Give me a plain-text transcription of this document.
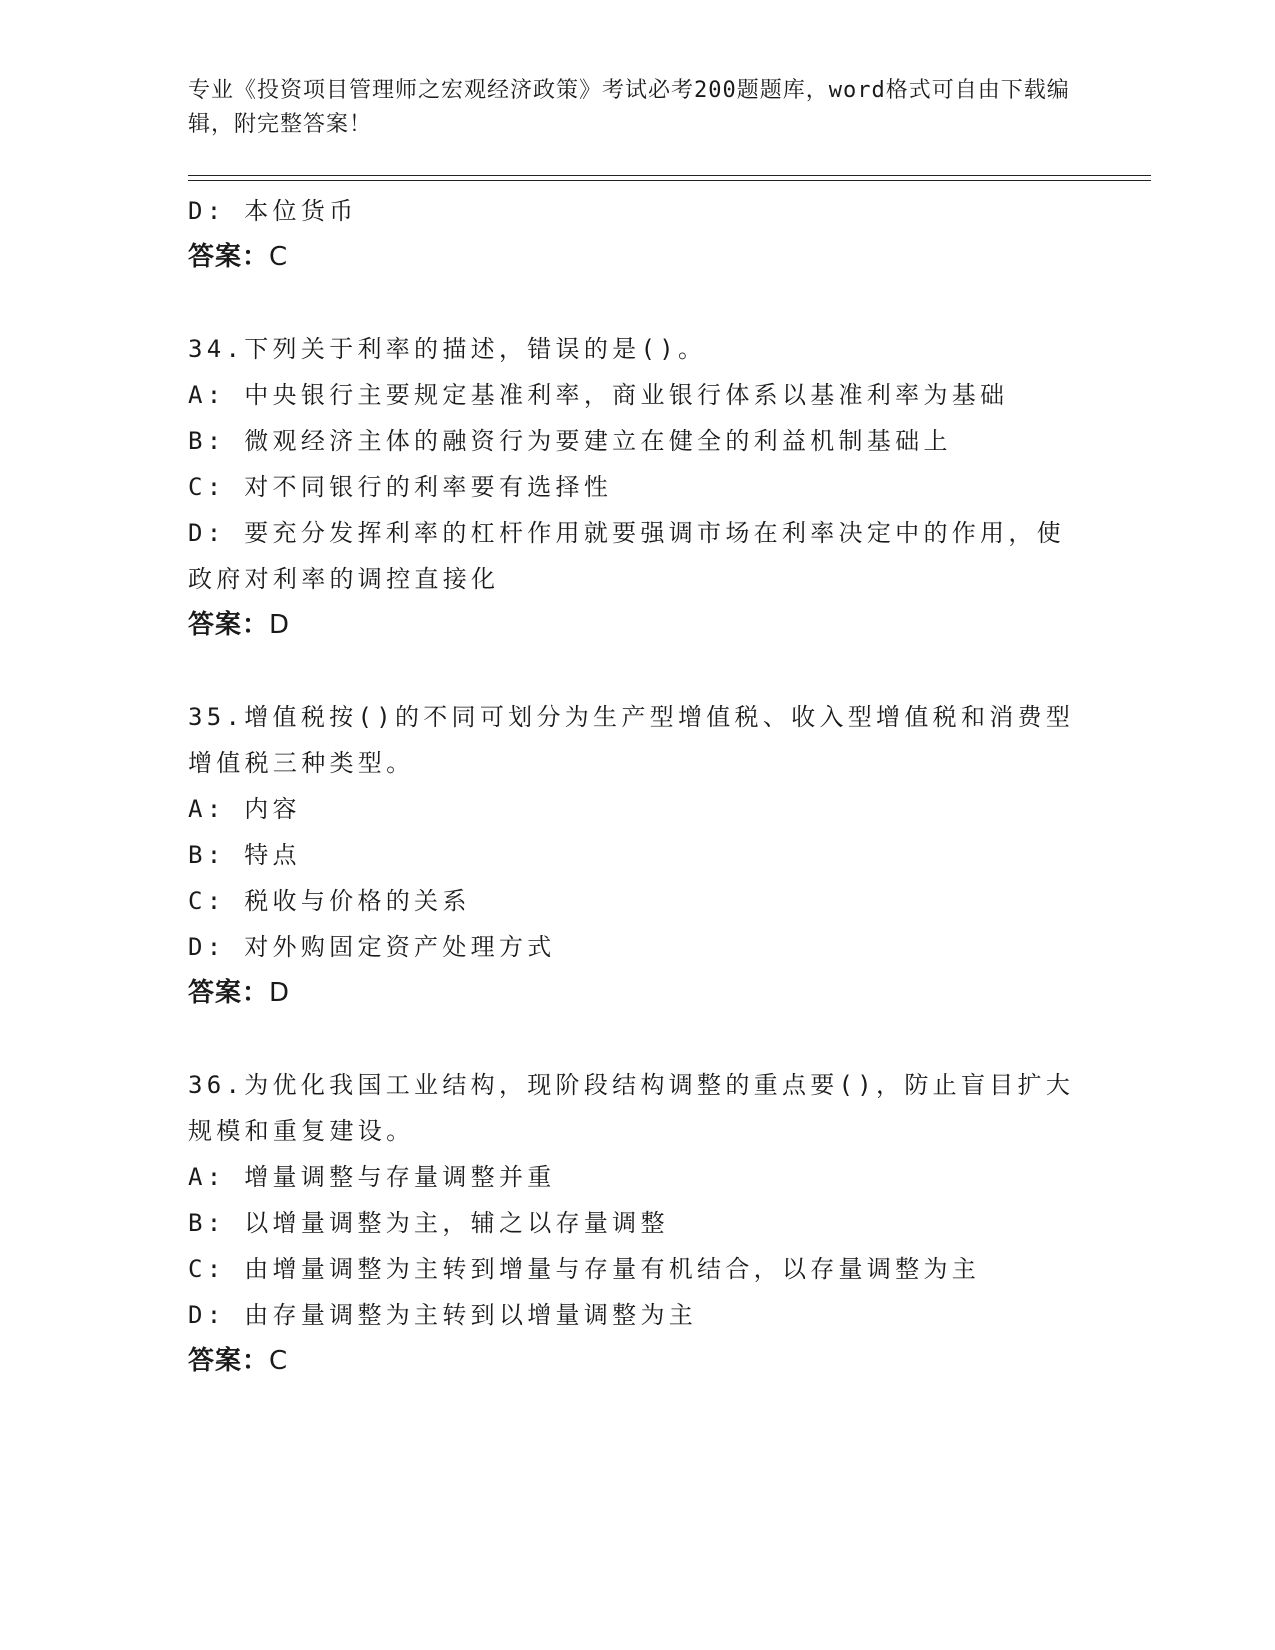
专业《投资项目管理师之宏观经济政策》考试必考200题题库，word格式可自由下载编辑，附完整答案！
D: 本位货币
答案：C
34.下列关于利率的描述，错误的是()。
A: 中央银行主要规定基准利率，商业银行体系以基准利率为基础
B: 微观经济主体的融资行为要建立在健全的利益机制基础上
C: 对不同银行的利率要有选择性
D: 要充分发挥利率的杠杆作用就要强调市场在利率决定中的作用，使政府对利率的调控直接化
答案：D
35.增值税按()的不同可划分为生产型增值税、收入型增值税和消费型增值税三种类型。
A: 内容
B: 特点
C: 税收与价格的关系
D: 对外购固定资产处理方式
答案：D
36.为优化我国工业结构，现阶段结构调整的重点要()，防止盲目扩大规模和重复建设。
A: 增量调整与存量调整并重
B: 以增量调整为主，辅之以存量调整
C: 由增量调整为主转到增量与存量有机结合，以存量调整为主
D: 由存量调整为主转到以增量调整为主
答案：C
